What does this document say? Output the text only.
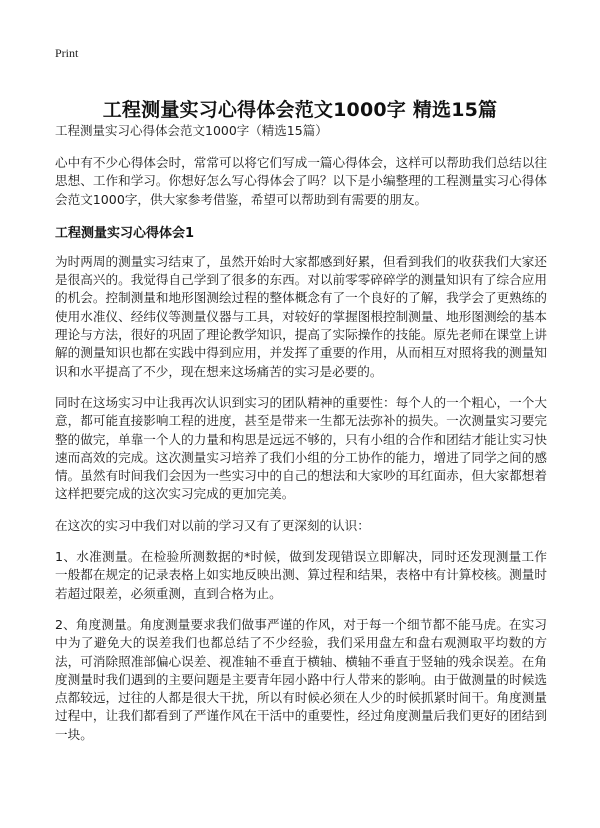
Print
工程测量实习心得体会范文1000字 精选15篇
工程测量实习心得体会范文1000字（精选15篇）

心中有不少心得体会时，常常可以将它们写成一篇心得体会，这样可以帮助我们总结以往思想、工作和学习。你想好怎么写心得体会了吗？以下是小编整理的工程测量实习心得体会范文1000字，供大家参考借鉴，希望可以帮助到有需要的朋友。

工程测量实习心得体会1

为时两周的测量实习结束了，虽然开始时大家都感到好累，但看到我们的收获我们大家还是很高兴的。我觉得自己学到了很多的东西。对以前零零碎碎学的测量知识有了综合应用的机会。控制测量和地形图测绘过程的整体概念有了一个良好的了解，我学会了更熟练的使用水准仪、经纬仪等测量仪器与工具，对较好的掌握图根控制测量、地形图测绘的基本理论与方法，很好的巩固了理论教学知识，提高了实际操作的技能。原先老师在课堂上讲解的测量知识也都在实践中得到应用，并发挥了重要的作用，从而相互对照将我的测量知识和水平提高了不少，现在想来这场痛苦的实习是必要的。

同时在这场实习中让我再次认识到实习的团队精神的重要性：每个人的一个粗心，一个大意，都可能直接影响工程的进度，甚至是带来一生都无法弥补的损失。一次测量实习要完整的做完，单靠一个人的力量和构思是远远不够的，只有小组的合作和团结才能让实习快速而高效的完成。这次测量实习培养了我们小组的分工协作的能力，增进了同学之间的感情。虽然有时间我们会因为一些实习中的自己的想法和大家吵的耳红面赤，但大家都想着这样把要完成的这次实习完成的更加完美。

在这次的实习中我们对以前的学习又有了更深刻的认识：

1、水准测量。在检验所测数据的*时候，做到发现错误立即解决，同时还发现测量工作一般都在规定的记录表格上如实地反映出测、算过程和结果，表格中有计算校核。测量时若超过限差，必须重测，直到合格为止。

2、角度测量。角度测量要求我们做事严谨的作风，对于每一个细节都不能马虎。在实习中为了避免大的误差我们也都总结了不少经验，我们采用盘左和盘右观测取平均数的方法，可消除照准部偏心误差、视准轴不垂直于横轴、横轴不垂直于竖轴的残余误差。在角度测量时我们遇到的主要问题是主要青年园小路中行人带来的影响。由于做测量的时候选点都较远，过往的人都是很大干扰，所以有时候必须在人少的时候抓紧时间干。角度测量过程中，让我们都看到了严谨作风在干活中的重要性，经过角度测量后我们更好的团结到一块。
